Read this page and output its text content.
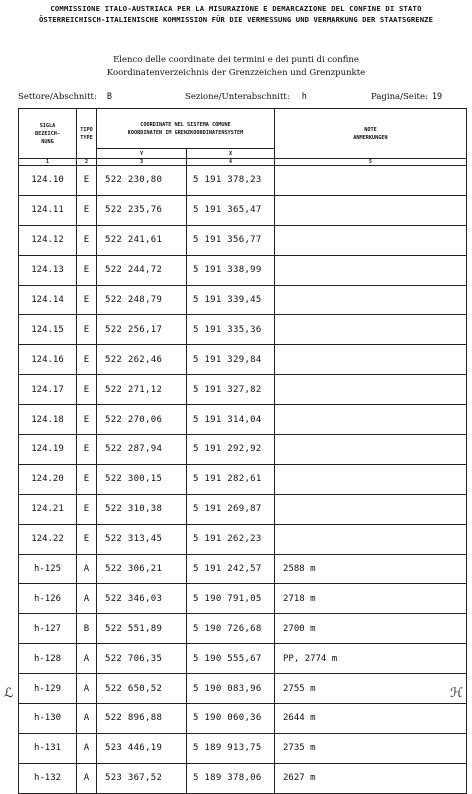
COMMISSIONE ITALO-AUSTRIACA PER LA MISURAZIONE E DEMARCAZIONE DEL CONFINE DI STATO
ÖSTERREICHISCH-ITALIENISCHE KOMMISSION FÜR DIE VERMESSUNG UND VERMARKUNG DER STAATSGRENZE
Elenco delle coordinate dei termini e dei punti di confine
Koordinatenverzeichnis der Grenzzeichen und Grenzpunkte
Settore/Abschnitt: B	Sezione/Unterabschnitt: h	Pagina/Seite: 19
SIGLA
BEZEICH-
NUNG	TIPO
TYPE	COORDINATE NEL SISTEMA COMUNE
KOORDINATEN IM GRENZKOORDINATENSYSTEM		NOTE
ANMERKUNGEN
		Y	X	
1	2	3	4	5
124.10	E	522 230,80	5 191 378,23	
124.11	E	522 235,76	5 191 365,47	
124.12	E	522 241,61	5 191 356,77	
124.13	E	522 244,72	5 191 338,99	
124.14	E	522 248,79	5 191 339,45	
124.15	E	522 256,17	5 191 335,36	
124.16	E	522 262,46	5 191 329,84	
124.17	E	522 271,12	5 191 327,82	
124.18	E	522 270,06	5 191 314,04	
124.19	E	522 287,94	5 191 292,92	
124.20	E	522 300,15	5 191 282,61	
124.21	E	522 310,38	5 191 269,87	
124.22	E	522 313,45	5 191 262,23	
h-125	A	522 306,21	5 191 242,57	2588 m
h-126	A	522 346,03	5 190 791,05	2718 m
h-127	B	522 551,89	5 190 726,68	2700 m
h-128	A	522 706,35	5 190 555,67	PP, 2774 m
h-129	A	522 650,52	5 190 083,96	2755 m
h-130	A	522 896,88	5 190 060,36	2644 m
h-131	A	523 446,19	5 189 913,75	2735 m
h-132	A	523 367,52	5 189 378,06	2627 m
ℒ	ℋ
